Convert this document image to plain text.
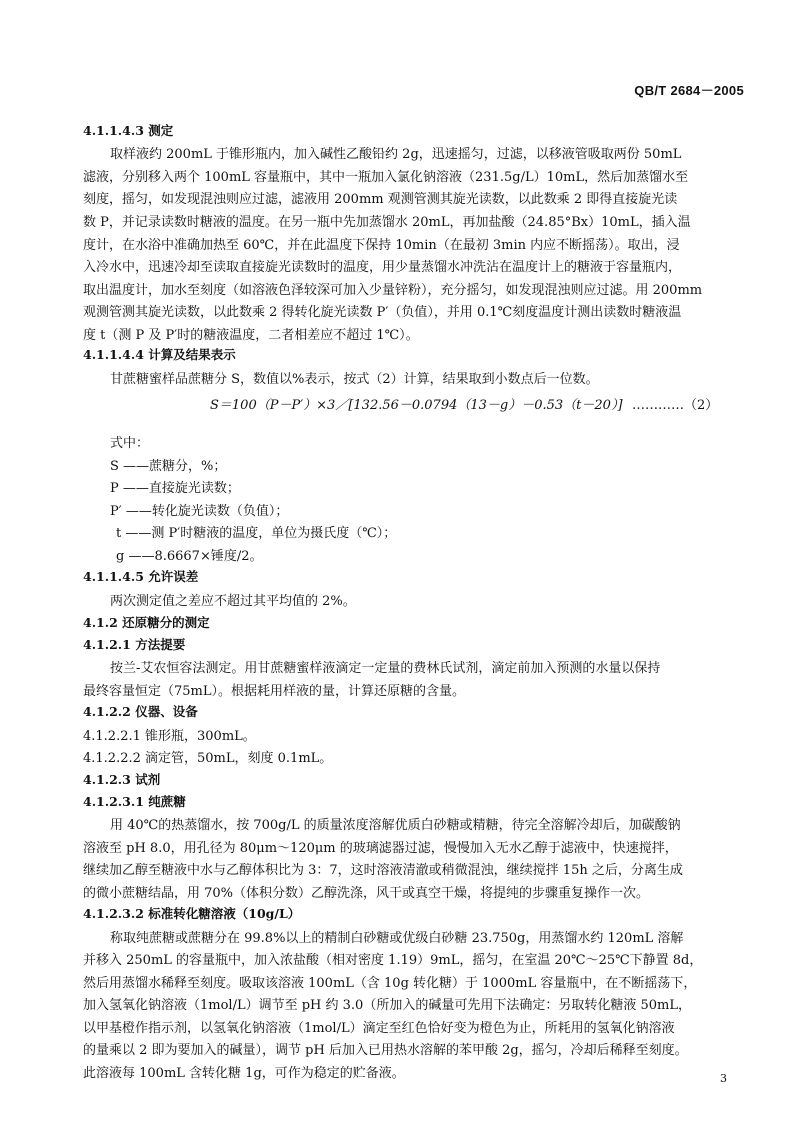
QB/T 2684－2005
4.1.1.4.3 测定
取样液约 200mL 于锥形瓶内，加入碱性乙酸铅约 2g，迅速摇匀，过滤，以移液管吸取两份 50mL
滤液，分别移入两个 100mL 容量瓶中，其中一瓶加入氯化钠溶液（231.5g/L）10mL，然后加蒸馏水至
刻度，摇匀，如发现混浊则应过滤，滤液用 200mm 观测管测其旋光读数，以此数乘 2 即得直接旋光读
数 P，并记录读数时糖液的温度。在另一瓶中先加蒸馏水 20mL，再加盐酸（24.85°Bx）10mL，插入温
度计，在水浴中准确加热至 60℃，并在此温度下保持 10min（在最初 3min 内应不断摇荡）。取出，浸
入冷水中，迅速冷却至读取直接旋光读数时的温度，用少量蒸馏水冲洗沾在温度计上的糖液于容量瓶内，
取出温度计，加水至刻度（如溶液色泽较深可加入少量锌粉），充分摇匀，如发现混浊则应过滤。用 200mm
观测管测其旋光读数，以此数乘 2 得转化旋光读数 P′（负值），并用 0.1℃刻度温度计测出读数时糖液温
度 t（测 P 及 P′时的糖液温度，二者相差应不超过 1℃）。
4.1.1.4.4 计算及结果表示
甘蔗糖蜜样品蔗糖分 S，数值以%表示，按式（2）计算，结果取到小数点后一位数。
S＝100（P－P′）×3／[132.56－0.0794（13－g）－0.53（t－20）] …………（2）
式中：
S ——蔗糖分，%；
P ——直接旋光读数；
P′ ——转化旋光读数（负值）；
t ——测 P′时糖液的温度，单位为摄氏度（℃）；
g ——8.6667×锤度/2。
4.1.1.4.5 允许误差
两次测定值之差应不超过其平均值的 2%。
4.1.2 还原糖分的测定
4.1.2.1 方法提要
按兰-艾农恒容法测定。用甘蔗糖蜜样液滴定一定量的费林氏试剂，滴定前加入预测的水量以保持
最终容量恒定（75mL）。根据耗用样液的量，计算还原糖的含量。
4.1.2.2 仪器、设备
4.1.2.2.1 锥形瓶，300mL。
4.1.2.2.2 滴定管，50mL，刻度 0.1mL。
4.1.2.3 试剂
4.1.2.3.1 纯蔗糖
用 40℃的热蒸馏水，按 700g/L 的质量浓度溶解优质白砂糖或精糖，待完全溶解冷却后，加碳酸钠
溶液至 pH 8.0，用孔径为 80μm～120μm 的玻璃滤器过滤，慢慢加入无水乙醇于滤液中，快速搅拌，
继续加乙醇至糖液中水与乙醇体积比为 3：7，这时溶液清澈或稍微混浊，继续搅拌 15h 之后，分离生成
的微小蔗糖结晶，用 70%（体积分数）乙醇洗涤，风干或真空干燥，将提纯的步骤重复操作一次。
4.1.2.3.2 标准转化糖溶液（10g/L）
称取纯蔗糖或蔗糖分在 99.8%以上的精制白砂糖或优级白砂糖 23.750g，用蒸馏水约 120mL 溶解
并移入 250mL 的容量瓶中，加入浓盐酸（相对密度 1.19）9mL，摇匀，在室温 20℃～25℃下静置 8d，
然后用蒸馏水稀释至刻度。吸取该溶液 100mL（含 10g 转化糖）于 1000mL 容量瓶中，在不断摇荡下，
加入氢氧化钠溶液（1mol/L）调节至 pH 约 3.0（所加入的碱量可先用下法确定：另取转化糖液 50mL，
以甲基橙作指示剂，以氢氧化钠溶液（1mol/L）滴定至红色恰好变为橙色为止，所耗用的氢氧化钠溶液
的量乘以 2 即为要加入的碱量），调节 pH 后加入已用热水溶解的苯甲酸 2g，摇匀，冷却后稀释至刻度。
此溶液每 100mL 含转化糖 1g，可作为稳定的贮备液。	3
